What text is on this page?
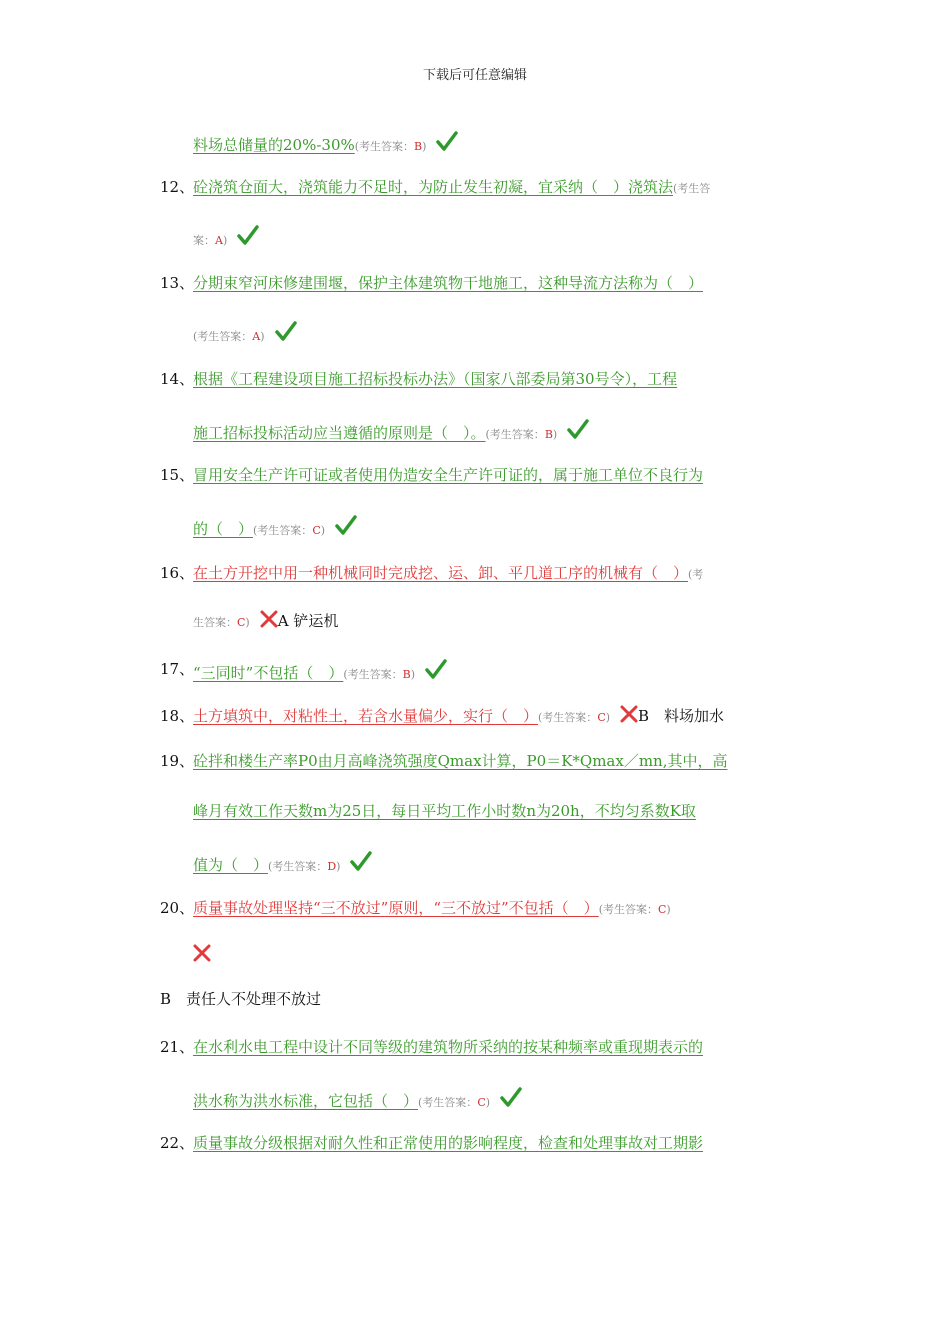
下载后可任意编辑
料场总储量的20%-30%(考生答案：B)
12、
砼浇筑仓面大，浇筑能力不足时，为防止发生初凝，宜采纳（　）浇筑法(考生答
案：A)
13、
分期束窄河床修建围堰，保护主体建筑物干地施工，这种导流方法称为（　）
(考生答案：A)
14、
根据《工程建设项目施工招标投标办法》（国家八部委局第30号令），工程
施工招标投标活动应当遵循的原则是（　）。(考生答案：B)
15、
冒用安全生产许可证或者使用伪造安全生产许可证的，属于施工单位不良行为
的（　）(考生答案：C)
16、
在土方开挖中用一种机械同时完成挖、运、卸、平几道工序的机械有（　）(考
生答案：C) A 铲运机
17、
“三同时”不包括（　）(考生答案：B)
18、
土方填筑中，对粘性土，若含水量偏少，实行（　）(考生答案：C) B　料场加水
19、
砼拌和楼生产率P0由月高峰浇筑强度Qmax计算，P0＝K*Qmax／mn,其中，高
峰月有效工作天数m为25日，每日平均工作小时数n为20h，不均匀系数K取
值为（　）(考生答案：D)
20、
质量事故处理坚持“三不放过”原则，“三不放过”不包括（　）(考生答案：C)
B　责任人不处理不放过
21、
在水利水电工程中设计不同等级的建筑物所采纳的按某种频率或重现期表示的
洪水称为洪水标准，它包括（　）(考生答案：C)
22、
质量事故分级根据对耐久性和正常使用的影响程度，检查和处理事故对工期影
